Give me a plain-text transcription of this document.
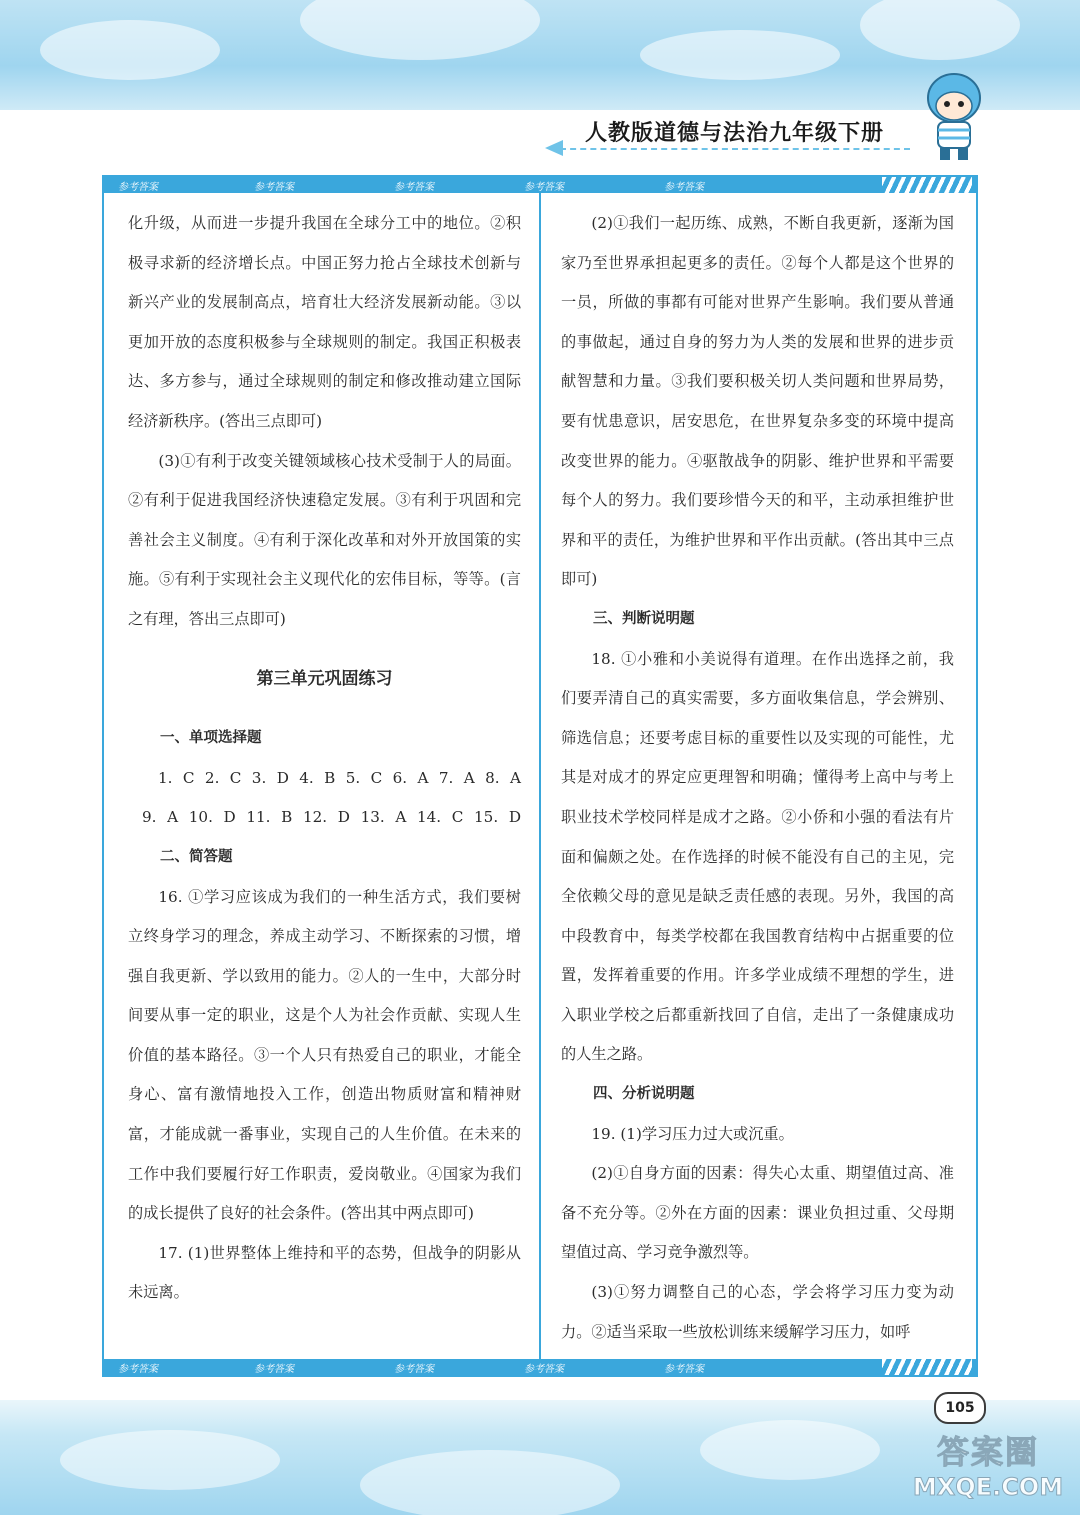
人教版道德与法治九年级下册
参考答案	参考答案	参考答案	参考答案	参考答案
参考答案	参考答案	参考答案	参考答案	参考答案

化升级，从而进一步提升我国在全球分工中的地位。②积极寻求新的经济增长点。中国正努力抢占全球技术创新与新兴产业的发展制高点，培育壮大经济发展新动能。③以更加开放的态度积极参与全球规则的制定。我国正积极表达、多方参与，通过全球规则的制定和修改推动建立国际经济新秩序。(答出三点即可)

(3)①有利于改变关键领域核心技术受制于人的局面。②有利于促进我国经济快速稳定发展。③有利于巩固和完善社会主义制度。④有利于深化改革和对外开放国策的实施。⑤有利于实现社会主义现代化的宏伟目标，等等。(言之有理，答出三点即可)

第三单元巩固练习

一、单项选择题

1. C 2. C 3. D 4. B 5. C 6. A 7. A 8. A

9. A 10. D 11. B 12. D 13. A 14. C 15. D

二、简答题

16. ①学习应该成为我们的一种生活方式，我们要树立终身学习的理念，养成主动学习、不断探索的习惯，增强自我更新、学以致用的能力。②人的一生中，大部分时间要从事一定的职业，这是个人为社会作贡献、实现人生价值的基本路径。③一个人只有热爱自己的职业，才能全身心、富有激情地投入工作，创造出物质财富和精神财富，才能成就一番事业，实现自己的人生价值。在未来的工作中我们要履行好工作职责，爱岗敬业。④国家为我们的成长提供了良好的社会条件。(答出其中两点即可)

17. (1)世界整体上维持和平的态势，但战争的阴影从未远离。

(2)①我们一起历练、成熟，不断自我更新，逐渐为国家乃至世界承担起更多的责任。②每个人都是这个世界的一员，所做的事都有可能对世界产生影响。我们要从普通的事做起，通过自身的努力为人类的发展和世界的进步贡献智慧和力量。③我们要积极关切人类问题和世界局势，要有忧患意识，居安思危，在世界复杂多变的环境中提高改变世界的能力。④驱散战争的阴影、维护世界和平需要每个人的努力。我们要珍惜今天的和平，主动承担维护世界和平的责任，为维护世界和平作出贡献。(答出其中三点即可)

三、判断说明题

18. ①小雅和小美说得有道理。在作出选择之前，我们要弄清自己的真实需要，多方面收集信息，学会辨别、筛选信息；还要考虑目标的重要性以及实现的可能性，尤其是对成才的界定应更理智和明确；懂得考上高中与考上职业技术学校同样是成才之路。②小侨和小强的看法有片面和偏颇之处。在作选择的时候不能没有自己的主见，完全依赖父母的意见是缺乏责任感的表现。另外，我国的高中段教育中，每类学校都在我国教育结构中占据重要的位置，发挥着重要的作用。许多学业成绩不理想的学生，进入职业学校之后都重新找回了自信，走出了一条健康成功的人生之路。

四、分析说明题

19. (1)学习压力过大或沉重。

(2)①自身方面的因素：得失心太重、期望值过高、准备不充分等。②外在方面的因素：课业负担过重、父母期望值过高、学习竞争激烈等。

(3)①努力调整自己的心态，学会将学习压力变为动力。②适当采取一些放松训练来缓解学习压力，如呼

105
答案圈
MXQE.COM
